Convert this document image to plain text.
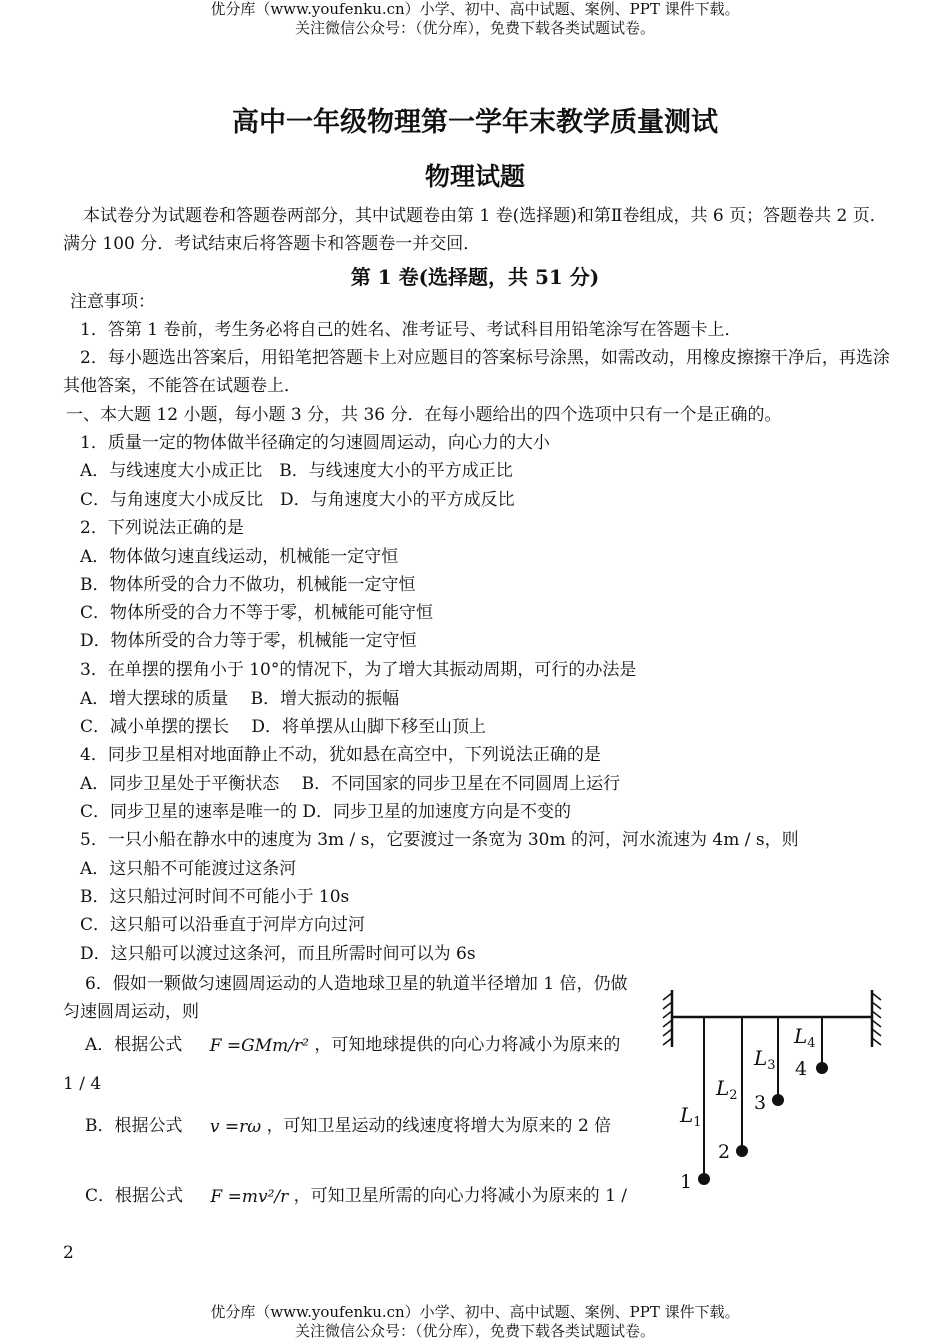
优分库（www.youfenku.cn）小学、初中、高中试题、案例、PPT 课件下载。
关注微信公众号：（优分库），免费下载各类试题试卷。
高中一年级物理第一学年末教学质量测试
物理试题
本试卷分为试题卷和答题卷两部分，其中试题卷由第 1 卷(选择题)和第Ⅱ卷组成，共 6 页；答题卷共 2 页．满分 100 分．考试结束后将答题卡和答题卷一并交回．
第 1 卷(选择题，共 51 分)
注意事项：
1．答第 1 卷前，考生务必将自己的姓名、准考证号、考试科目用铅笔涂写在答题卡上．
2．每小题选出答案后，用铅笔把答题卡上对应题目的答案标号涂黑，如需改动，用橡皮擦擦干净后，再选涂其他答案，不能答在试题卷上．
一、本大题 12 小题，每小题 3 分，共 36 分．在每小题给出的四个选项中只有一个是正确的。
1．质量一定的物体做半径确定的匀速圆周运动，向心力的大小
A．与线速度大小成正比　B．与线速度大小的平方成正比
C．与角速度大小成反比　D．与角速度大小的平方成反比
2．下列说法正确的是
A．物体做匀速直线运动，机械能一定守恒
B．物体所受的合力不做功，机械能一定守恒
C．物体所受的合力不等于零，机械能可能守恒
D．物体所受的合力等于零，机械能一定守恒
3．在单摆的摆角小于 10°的情况下，为了增大其振动周期，可行的办法是
A．增大摆球的质量　 B．增大振动的振幅
C．减小单摆的摆长　 D．将单摆从山脚下移至山顶上
4．同步卫星相对地面静止不动，犹如悬在高空中，下列说法正确的是
A．同步卫星处于平衡状态　 B．不同国家的同步卫星在不同圆周上运行
C．同步卫星的速率是唯一的 D．同步卫星的加速度方向是不变的
5．一只小船在静水中的速度为 3m / s，它要渡过一条宽为 30m 的河，河水流速为 4m / s，则
A．这只船不可能渡过这条河
B．这只船过河时间不可能小于 10s
C．这只船可以沿垂直于河岸方向过河
D．这只船可以渡过这条河，而且所需时间可以为 6s
6．假如一颗做匀速圆周运动的人造地球卫星的轨道半径增加 1 倍，仍做匀速圆周运动，则
A．根据公式 F =GMm/r² ，可知地球提供的向心力将减小为原来的 1 / 4
B．根据公式 v =rω ，可知卫星运动的线速度将增大为原来的 2 倍
C．根据公式 F =mv²/r ，可知卫星所需的向心力将减小为原来的 1 / 2
$L_1$
$L_2$
$L_3$
$L_4$
1
2
3
4
优分库（www.youfenku.cn）小学、初中、高中试题、案例、PPT 课件下载。
关注微信公众号：（优分库），免费下载各类试题试卷。
